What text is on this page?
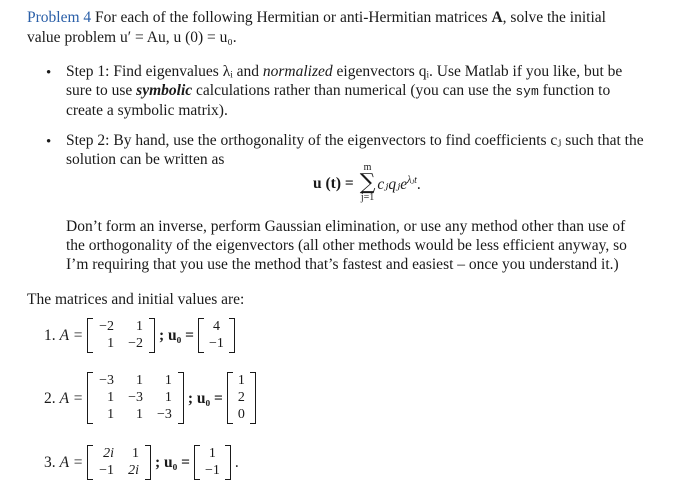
Problem 4 For each of the following Hermitian or anti-Hermitian matrices A, solve the initial
value problem u′ = Au, u (0) = u₀.
• Step 1: Find eigenvalues λᵢ and normalized eigenvectors qᵢ. Use Matlab if you like, but be
sure to use symbolic calculations rather than numerical (you can use the sym function to
create a symbolic matrix).
• Step 2: By hand, use the orthogonality of the eigenvectors to find coefficients cⱼ such that the
solution can be written as
u (t) =
m
∑
j=1
cⱼqⱼe$^{\lambda ⱼt}$.
Don’t form an inverse, perform Gaussian elimination, or use any method other than use of
the orthogonality of the eigenvectors (all other methods would be less efficient anyway, so
I’m requiring that you use the method that’s fastest and easiest – once you understand it.)
The matrices and initial values are:
1. A =
−2	1
1 −2 ; u₀ =
4
−1
2. A =
−3	1	1
1 −3	1
1	1 −3
; u₀ =
1
2
0
3. A =
2i 1
−1 2i ; u₀ =
1
−1 .
